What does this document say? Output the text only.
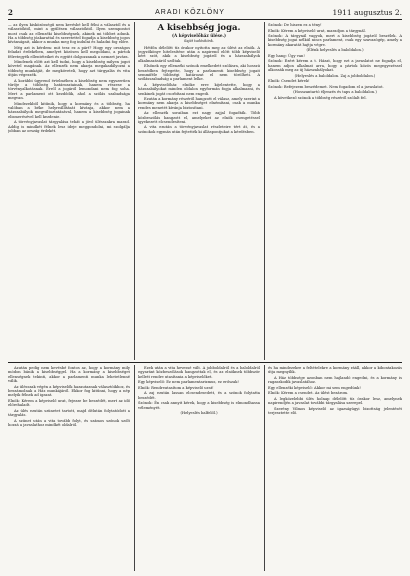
2	ARADI KÖZLÖNY	1911 augusztus 2.

— az ilyen kisközösségű nem kevésbé kell félni a választól és a választóktól, mint a gyűlésen választóktól. Ilyen szempontot most csak az ellenzéki kisebbségnek, akinek mi többet adunk. Ha a többség jóakarattal és szeretettel fogadja a kisebbség jogos kívánságait, akkor a munka meg fog indulni és haladni fog előre.

Még azt is kérdem: mit tesz ez a párt? Hogy egy országos feladat érdekében, amelyet közösen kell megoldani, a pártok félretegyék ellentéteiket és együtt dolgozzanak a nemzet javára.

Mindenek előtt azt kell tudni, hogy a kisebbség milyen jogot követel magának. Az ellenzék nem akarja megakadályozni a többség munkáját, de megköveteli, hogy azt tárgyalás és vita útján végezzék.

A korábbi ügyrend értelmében a kisebbség nem egyszerűen tűrője a többség határozatainak, hanem részese a törvényalkotásnak. Erről a jogáról lemondani nem fog soha. Mert a parlament ott kezdődik, ahol a szólás szabadsága megvan.

Mindezekből kitűnik, hogy a kormány és a többség, ha valóban a béke helyreállítását kívánja, akkor nem a házszabályok megváltoztatásával, hanem a kisebbség jogainak elismerésével kell kezdenie.

A törvényjavaslat tárgyalása tehát a jövő ülésszakra marad. Addig is mindkét félnek lesz ideje meggondolni, mi szolgálja jobban az ország érdekét.

A kisebbség joga.
(A képviselőház ülése.)
Saját tudósítónk.

Hétfőn délelőtt tíz órakor nyitotta meg az ülést az elnök. A jegyzőkönyv hitelesítése után a napirend előtt több képviselő kért szót, akik a kisebbség jogáról és a házszabályok alkalmazásáról szóltak.

Elsőnek egy ellenzéki szónok emelkedett szólásra, aki hosszú beszédben fejtegette, hogy a parlamenti kisebbség jogait semmiféle többségi határozat el nem törölheti. A szólásszabadság a parlament lelke.

A képviselőház elnöke erre kijelentette, hogy a házszabályokat minden oldalon egyformán fogja alkalmazni, és senkinek jogát csorbítani nem engedi.

Ezután a kormány részéről hangzott el válasz, amely szerint a kormány nem akarja a kisebbséget elnémítani, csak a munka rendes menetét kívánja biztosítani.

Az ellenzék soraiban ezt nagy zajjal fogadták. Több közbeszólás hangzott el, amelyeket az elnök csengetéssel igyekezett elcsendesíteni.

A vita ezután a törvényjavaslat részleteire tért át, és a szónokok egymás után fejtették ki álláspontjukat a kérdésben.

Szónok: De hiszen ez a tény!

Elnök: Kérem a képviselő urat, maradjon a tárgynál.

Szónok: A tárgynál vagyok, mert a kisebbség jogáról beszélek. A kisebbség jogai nélkül nincs parlament, csak egy szavazógép, amely a kormány akaratát hajtja végre.

(Élénk helyeslés a baloldalon.)

Egy hang: Úgy van!

Szónok: Ezért kérem a t. Házat, hogy ezt a javaslatot ne fogadja el, hanem adjon alkalmat arra, hogy a pártok közös megegyezéssel alkossák meg az új házszabályokat.

(Helyeslés a baloldalon. Zaj a jobboldalon.)

Elnök: Csendet kérek!

Szónok: Befejezem beszédemet. Nem fogadom el a javaslatot.

(Hosszantartó éljenzés és taps a baloldalon.)

A következő szónok a többség részéről szólalt fel.

Azután pedig nem kevésbé fontos az, hogy a kormány mily módon bánik a kisebbséggel. Ha a kormány a kisebbséget ellenségnek tekinti, akkor a parlamenti munka lehetetlenné válik.

Az ülésszak végén a képviselők hazautaznak választóikhoz, és beszámolnak a Ház munkájáról. Ekkor fog kitűnni, hogy a nép melyik félnek ad igazat.

Elnök: Kérem a képviselő urat, fejezze be beszédét, mert az idő előrehaladt.

Az ülés ezután szünetet tartott, majd délután folytatódott a tárgyalás.

A szünet után a vita tovább folyt, és számos szónok szólt hozzá a javaslathoz mindkét oldalról.

Ezek után a vita hevessé vált. A jobboldalról és a baloldalról egyaránt közbeszólások hangzottak el, és az elnöknek többször kellett rendre utasítania a képviselőket.

Egy képviselő: Ez nem parlamentarizmus, ez erőszak!

Elnök: Rendreutasítom a képviselő urat!

A zaj ezután lassan elcsendesedett, és a szónok folytatta beszédét.

Szónok: Én csak annyit kérek, hogy a kisebbség is elmondhassa véleményét.

(Helyeslés balfelől.)

és ha mindezekre a feltételekre a kormány rááll, akkor a kibontakozás útja megnyílik.

A Ház többsége azonban nem hajlandó engedni, és a kormány is ragaszkodik javaslatához.

Egy ellenzéki képviselő: Akkor mi sem engedünk!

Elnök: Kérem a csendet. Az ülést bezárom.

A legközelebbi ülés holnap délelőtt tíz órakor lesz, amelynek napirendjén a javaslat további tárgyalása szerepel.

Szerény Vilmos képviselő az igazságügyi bizottság jelentését terjesztette elő.
